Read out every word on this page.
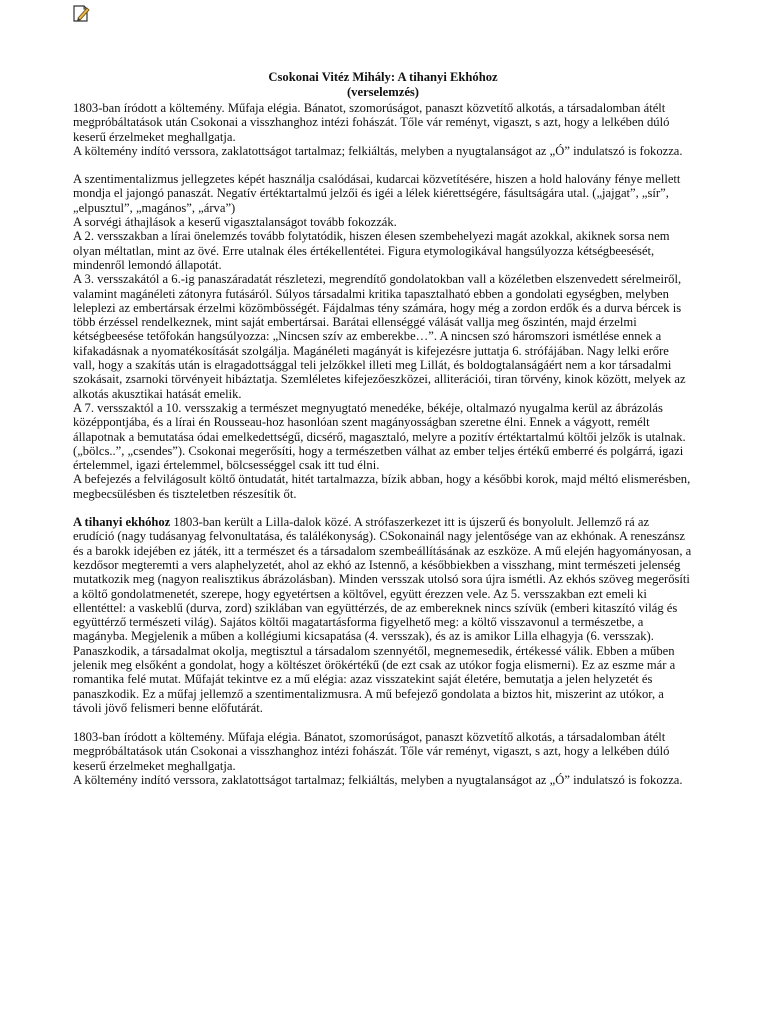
Csokonai Vitéz Mihály: A tihanyi Ekhóhoz
(verselemzés)

1803-ban íródott a költemény. Műfaja elégia. Bánatot, szomorúságot, panaszt közvetítő alkotás, a társadalomban átélt megpróbáltatások után Csokonai a visszhanghoz intézi fohászát. Tőle vár reményt, vigaszt, s azt, hogy a lelkében dúló keserű érzelmeket meghallgatja.

A költemény indító verssora, zaklatottságot tartalmaz; felkiáltás, melyben a nyugtalanságot az „Ó” indulatszó is fokozza.

A szentimentalizmus jellegzetes képét használja csalódásai, kudarcai közvetítésére, hiszen a hold halovány fénye mellett mondja el jajongó panaszát. Negatív értéktartalmú jelzői és igéi a lélek kiérettségére, fásultságára utal. („jajgat”, „sír”, „elpusztul”, „magános”, „árva”)

A sorvégi áthajlások a keserű vigasztalanságot tovább fokozzák.

A 2. versszakban a lírai önelemzés tovább folytatódik, hiszen élesen szembehelyezi magát azokkal, akiknek sorsa nem olyan méltatlan, mint az övé. Erre utalnak éles értékellentétei. Figura etymologikával hangsúlyozza kétségbeesését, mindenről lemondó állapotát.

A 3. versszakától a 6.-ig panaszáradatát részletezi, megrendítő gondolatokban vall a közéletben elszenvedett sérelmeiről, valamint magánéleti zátonyra futásáról. Súlyos társadalmi kritika tapasztalható ebben a gondolati egységben, melyben leleplezi az embertársak érzelmi közömbösségét. Fájdalmas tény számára, hogy még a zordon erdők és a durva bércek is több érzéssel rendelkeznek, mint saját embertársai. Barátai ellenséggé válását vallja meg őszintén, majd érzelmi kétségbeesése tetőfokán hangsúlyozza: „Nincsen szív az emberekbe…”. A nincsen szó háromszori ismétlése ennek a kifakadásnak a nyomatékosítását szolgálja. Magánéleti magányát is kifejezésre juttatja 6. strófájában. Nagy lelki erőre vall, hogy a szakítás után is elragadottsággal teli jelzőkkel illeti meg Lillát, és boldogtalanságáért nem a kor társadalmi szokásait, zsarnoki törvényeit hibáztatja. Szemléletes kifejezőeszközei, alliterációi, tiran törvény, kinok között, melyek az alkotás akusztikai hatását emelik.

A 7. versszaktól a 10. versszakig a természet megnyugtató menedéke, békéje, oltalmazó nyugalma kerül az ábrázolás középpontjába, és a lírai én Rousseau-hoz hasonlóan szent magányosságban szeretne élni. Ennek a vágyott, remélt állapotnak a bemutatása ódai emelkedettségű, dicsérő, magasztaló, melyre a pozitív értéktartalmú költői jelzők is utalnak. („bölcs..”, „csendes”). Csokonai megerősíti, hogy a természetben válhat az ember teljes értékű emberré és polgárrá, igazi értelemmel, igazi értelemmel, bölcsességgel csak itt tud élni.

A befejezés a felvilágosult költő öntudatát, hitét tartalmazza, bízik abban, hogy a későbbi korok, majd méltó elismerésben, megbecsülésben és tiszteletben részesítik őt.

A tihanyi ekhóhoz 1803-ban került a Lilla-dalok közé. A strófaszerkezet itt is újszerű és bonyolult. Jellemző rá az erudíció (nagy tudásanyag felvonultatása, és találékonyság). CSokonainál nagy jelentősége van az ekhónak. A reneszánsz és a barokk idejében ez játék, itt a természet és a társadalom szembeállításának az eszköze. A mű elején hagyományosan, a kezdősor megteremti a vers alaphelyzetét, ahol az ekhó az Istennő, a későbbiekben a visszhang, mint természeti jelenség mutatkozik meg (nagyon realisztikus ábrázolásban). Minden versszak utolsó sora újra ismétli. Az ekhós szöveg megerősíti a költő gondolatmenetét, szerepe, hogy egyetértsen a költővel, együtt érezzen vele. Az 5. versszakban ezt emeli ki ellentéttel: a vaskeblű (durva, zord) sziklában van együttérzés, de az embereknek nincs szívük (emberi kitaszító világ és együttérző természeti világ). Sajátos költői magatartásforma figyelhető meg: a költő visszavonul a természetbe, a magányba. Megjelenik a műben a kollégiumi kicsapatása (4. versszak), és az is amikor Lilla elhagyja (6. versszak). Panaszkodik, a társadalmat okolja, megtisztul a társadalom szennyétől, megnemesedik, értékessé válik. Ebben a műben jelenik meg elsőként a gondolat, hogy a költészet örökértékű (de ezt csak az utókor fogja elismerni). Ez az eszme már a romantika felé mutat. Műfaját tekintve ez a mű elégia: azaz visszatekint saját életére, bemutatja a jelen helyzetét és panaszkodik. Ez a műfaj jellemző a szentimentalizmusra. A mű befejező gondolata a biztos hit, miszerint az utókor, a távoli jövő felismeri benne előfutárát.

1803-ban íródott a költemény. Műfaja elégia. Bánatot, szomorúságot, panaszt közvetítő alkotás, a társadalomban átélt megpróbáltatások után Csokonai a visszhanghoz intézi fohászát. Tőle vár reményt, vigaszt, s azt, hogy a lelkében dúló keserű érzelmeket meghallgatja.

A költemény indító verssora, zaklatottságot tartalmaz; felkiáltás, melyben a nyugtalanságot az „Ó” indulatszó is fokozza.
